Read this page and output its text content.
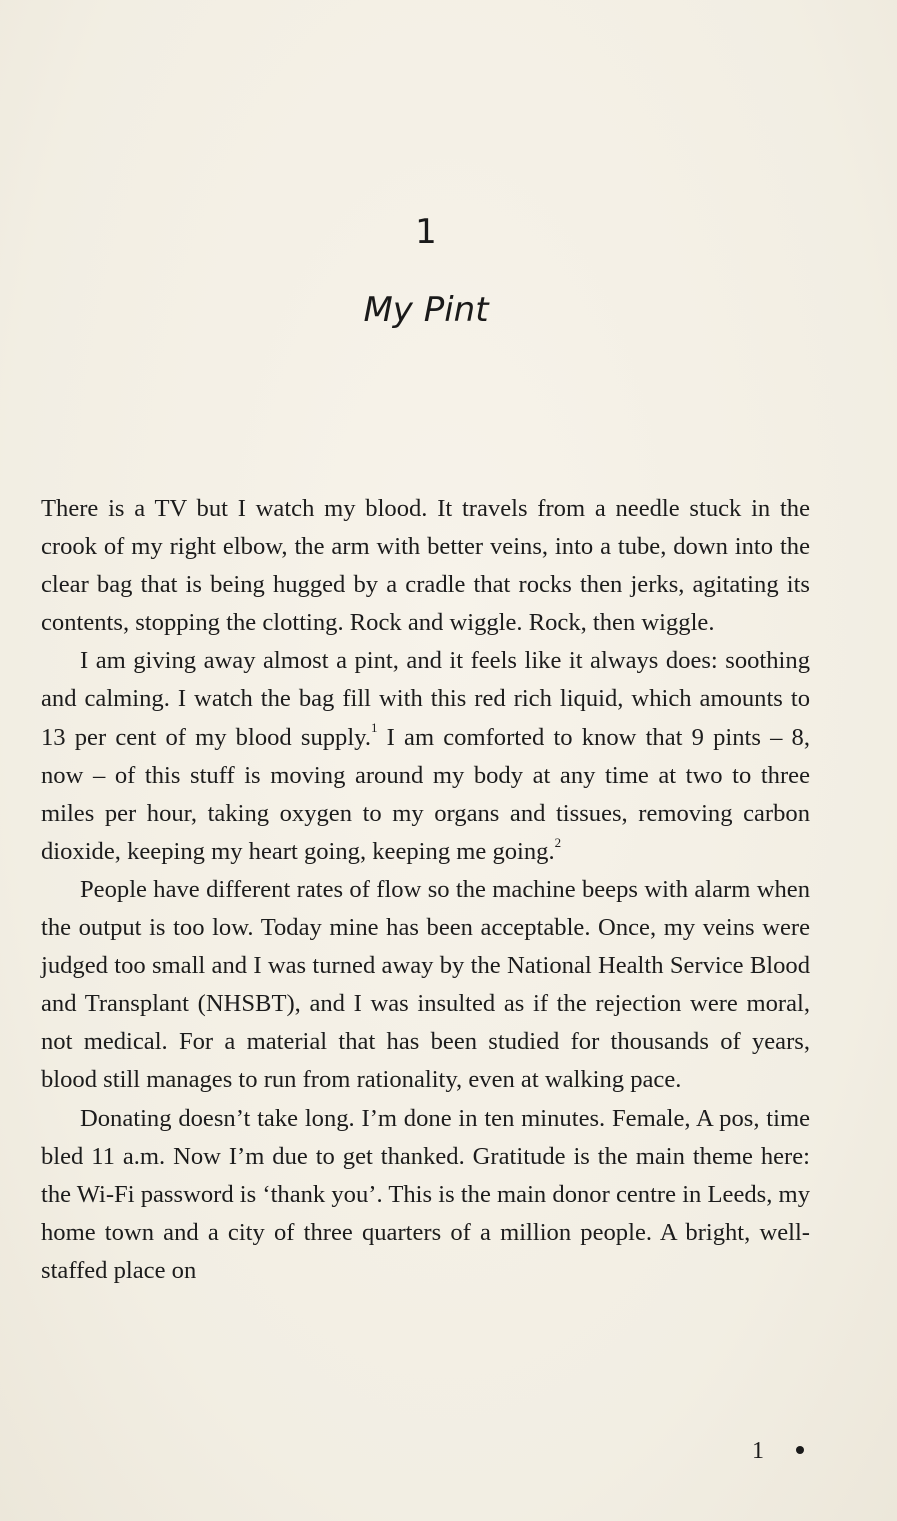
1
My Pint

There is a TV but I watch my blood. It travels from a needle stuck in the crook of my right elbow, the arm with better veins, into a tube, down into the clear bag that is being hugged by a cradle that rocks then jerks, agitating its contents, stopping the clotting. Rock and wiggle. Rock, then wiggle.

I am giving away almost a pint, and it feels like it always does: soothing and calming. I watch the bag fill with this red rich liquid, which amounts to 13 per cent of my blood supply.$^1$ I am comforted to know that 9 pints – 8, now – of this stuff is moving around my body at any time at two to three miles per hour, taking oxygen to my organs and tissues, removing carbon dioxide, keeping my heart going, keeping me going.$^2$

People have different rates of flow so the machine beeps with alarm when the output is too low. Today mine has been acceptable. Once, my veins were judged too small and I was turned away by the National Health Service Blood and Transplant (NHSBT), and I was insulted as if the rejection were moral, not medical. For a material that has been studied for thousands of years, blood still manages to run from rationality, even at walking pace.

Donating doesn’t take long. I’m done in ten minutes. Female, A pos, time bled 11 a.m. Now I’m due to get thanked. Gratitude is the main theme here: the Wi-Fi password is ‘thank you’. This is the main donor centre in Leeds, my home town and a city of three quarters of a million people. A bright, well-staffed place on

1
